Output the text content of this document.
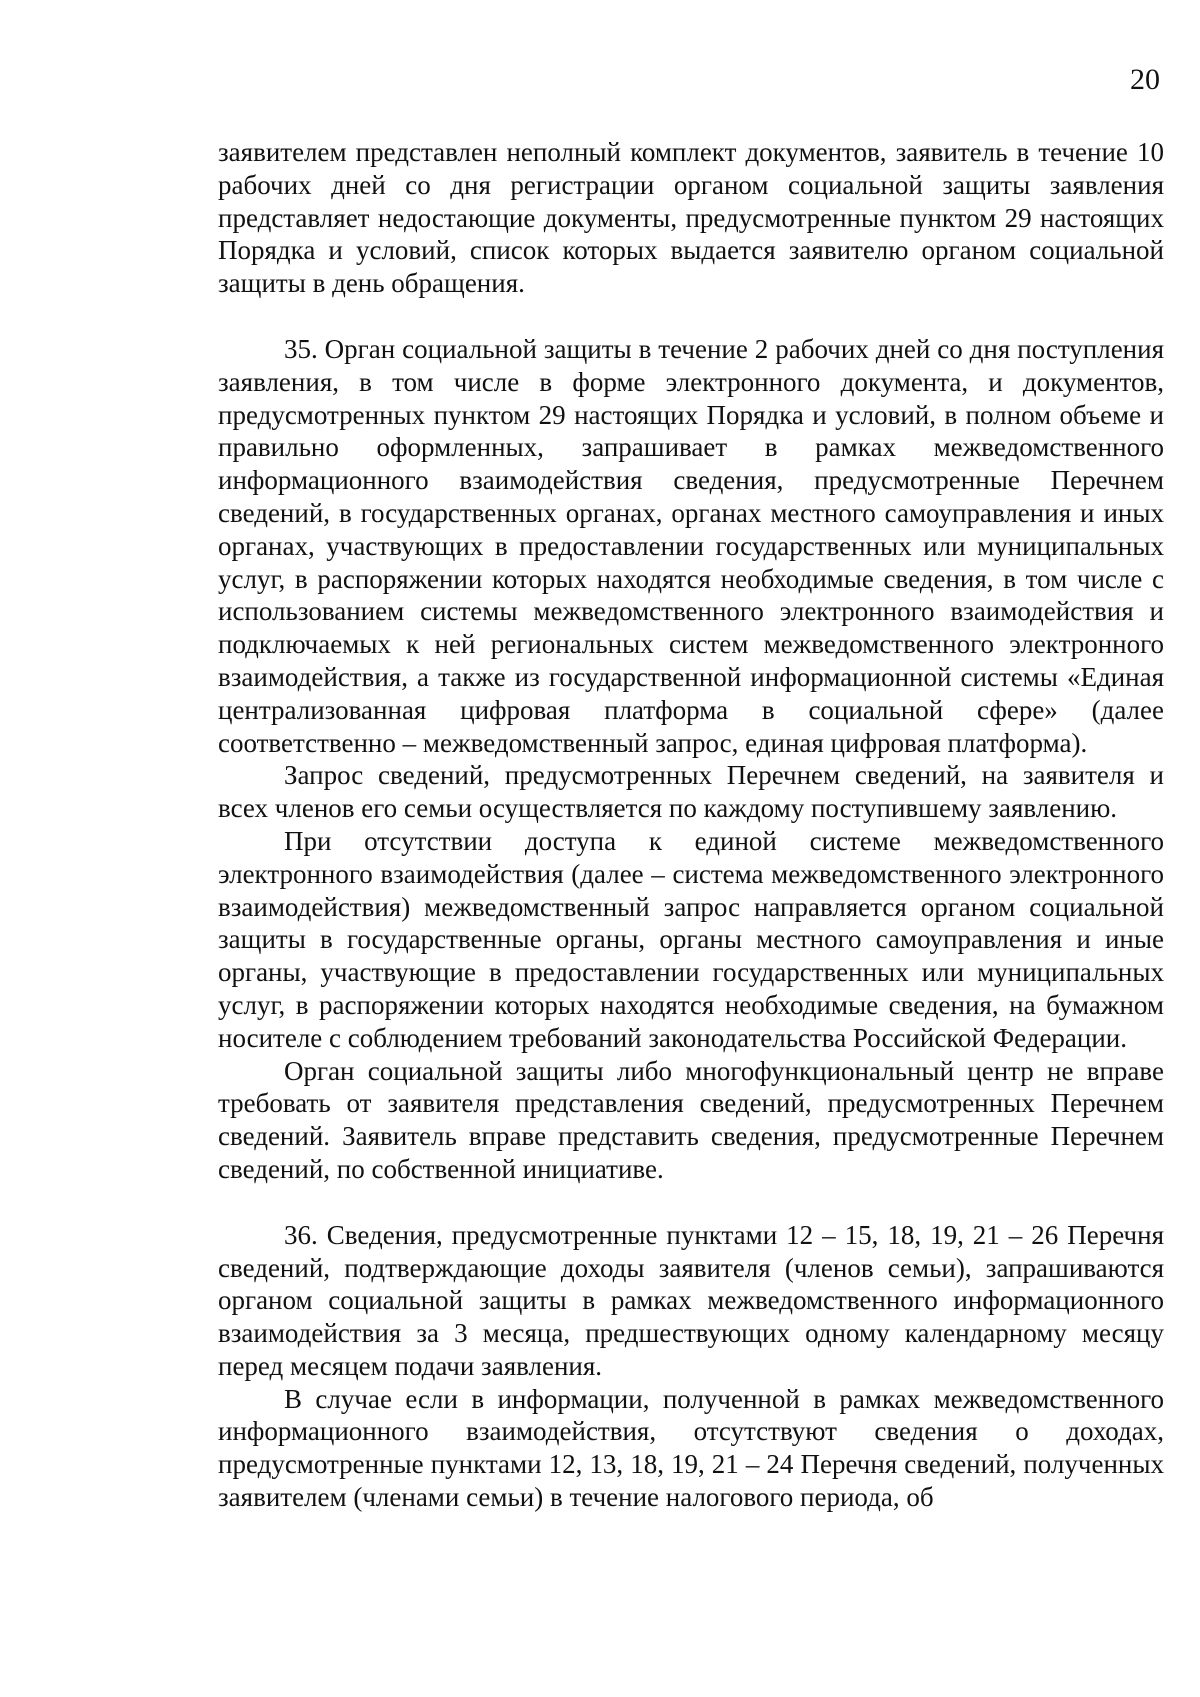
20

заявителем представлен неполный комплект документов, заявитель в течение 10 рабочих дней со дня регистрации органом социальной защиты заявления представляет недостающие документы, предусмотренные пунктом 29 настоящих Порядка и условий, список которых выдается заявителю органом социальной защиты в день обращения.

35. Орган социальной защиты в течение 2 рабочих дней со дня поступления заявления, в том числе в форме электронного документа, и документов, предусмотренных пунктом 29 настоящих Порядка и условий, в полном объеме и правильно оформленных, запрашивает в рамках межведомственного информационного взаимодействия сведения, предусмотренные Перечнем сведений, в государственных органах, органах местного самоуправления и иных органах, участвующих в предоставлении государственных или муниципальных услуг, в распоряжении которых находятся необходимые сведения, в том числе с использованием системы межведомственного электронного взаимодействия и подключаемых к ней региональных систем межведомственного электронного взаимодействия, а также из государственной информационной системы «Единая централизованная цифровая платформа в социальной сфере» (далее соответственно – межведомственный запрос, единая цифровая платформа).

Запрос сведений, предусмотренных Перечнем сведений, на заявителя и всех членов его семьи осуществляется по каждому поступившему заявлению.

При отсутствии доступа к единой системе межведомственного электронного взаимодействия (далее – система межведомственного электронного взаимодействия) межведомственный запрос направляется органом социальной защиты в государственные органы, органы местного самоуправления и иные органы, участвующие в предоставлении государственных или муниципальных услуг, в распоряжении которых находятся необходимые сведения, на бумажном носителе с соблюдением требований законодательства Российской Федерации.

Орган социальной защиты либо многофункциональный центр не вправе требовать от заявителя представления сведений, предусмотренных Перечнем сведений. Заявитель вправе представить сведения, предусмотренные Перечнем сведений, по собственной инициативе.

36. Сведения, предусмотренные пунктами 12 – 15, 18, 19, 21 – 26 Перечня сведений, подтверждающие доходы заявителя (членов семьи), запрашиваются органом социальной защиты в рамках межведомственного информационного взаимодействия за 3 месяца, предшествующих одному календарному месяцу перед месяцем подачи заявления.

В случае если в информации, полученной в рамках межведомственного информационного взаимодействия, отсутствуют сведения о доходах, предусмотренные пунктами 12, 13, 18, 19, 21 – 24 Перечня сведений, полученных заявителем (членами семьи) в течение налогового периода, об
